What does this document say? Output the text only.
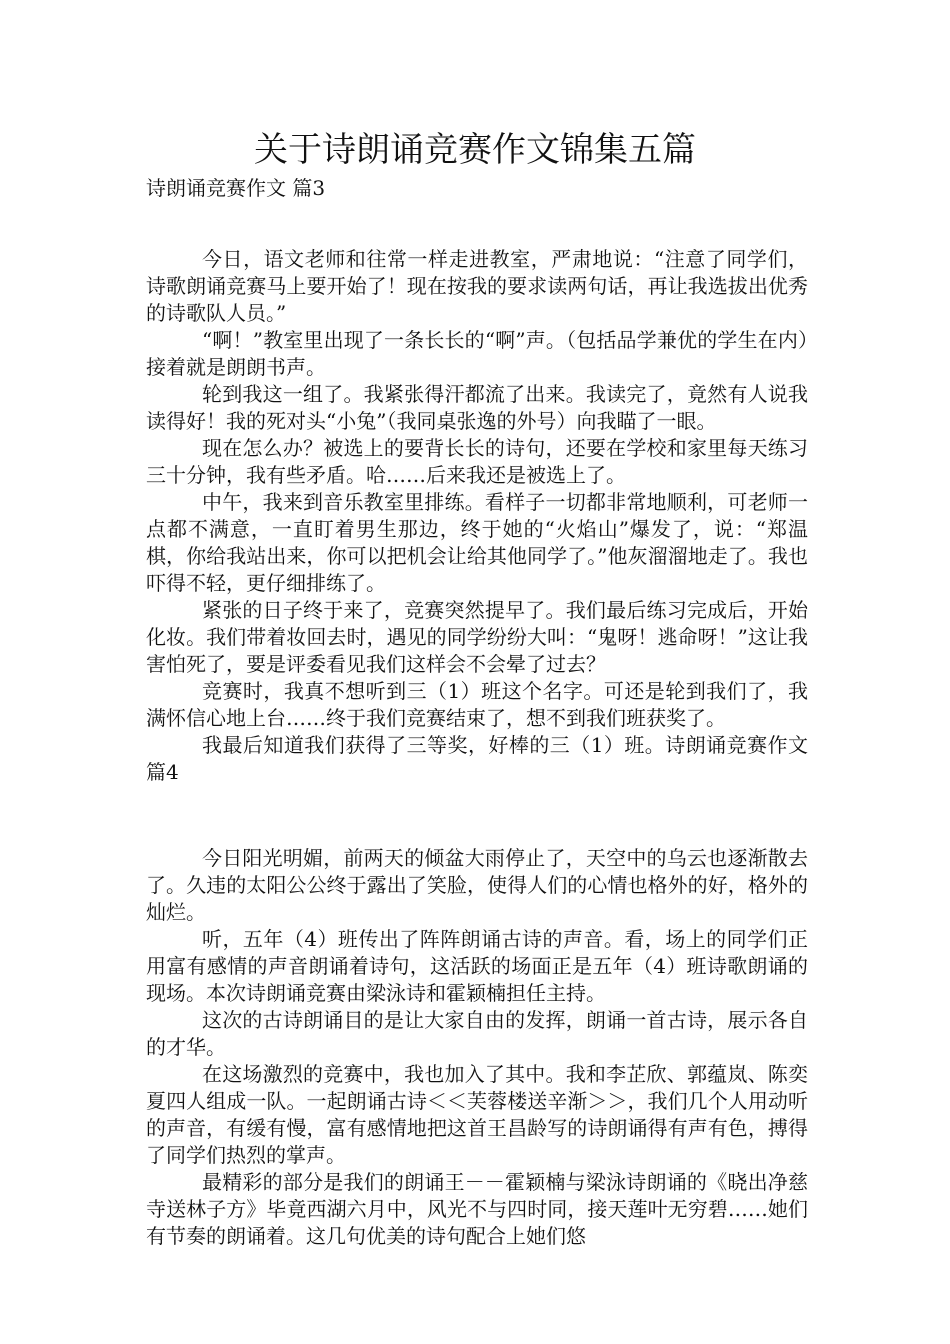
关于诗朗诵竞赛作文锦集五篇
诗朗诵竞赛作文 篇3

今日，语文老师和往常一样走进教室，严肃地说：“注意了同学们，诗歌朗诵竞赛马上要开始了！现在按我的要求读两句话，再让我选拔出优秀的诗歌队人员。”

“啊！”教室里出现了一条长长的“啊”声。（包括品学兼优的学生在内）接着就是朗朗书声。

轮到我这一组了。我紧张得汗都流了出来。我读完了，竟然有人说我读得好！我的死对头“小兔”（我同桌张逸的外号）向我瞄了一眼。

现在怎么办？被选上的要背长长的诗句，还要在学校和家里每天练习三十分钟，我有些矛盾。哈……后来我还是被选上了。

中午，我来到音乐教室里排练。看样子一切都非常地顺利，可老师一点都不满意，一直盯着男生那边，终于她的“火焰山”爆发了，说：“郑温棋，你给我站出来，你可以把机会让给其他同学了。”他灰溜溜地走了。我也吓得不轻，更仔细排练了。

紧张的日子终于来了，竞赛突然提早了。我们最后练习完成后，开始化妆。我们带着妆回去时，遇见的同学纷纷大叫：“鬼呀！逃命呀！”这让我害怕死了，要是评委看见我们这样会不会晕了过去？

竞赛时，我真不想听到三（1）班这个名字。可还是轮到我们了，我满怀信心地上台……终于我们竞赛结束了，想不到我们班获奖了。

我最后知道我们获得了三等奖，好棒的三（1）班。诗朗诵竞赛作文 篇4

今日阳光明媚，前两天的倾盆大雨停止了，天空中的乌云也逐渐散去了。久违的太阳公公终于露出了笑脸，使得人们的心情也格外的好，格外的灿烂。

听，五年（4）班传出了阵阵朗诵古诗的声音。看，场上的同学们正用富有感情的声音朗诵着诗句，这活跃的场面正是五年（4）班诗歌朗诵的现场。本次诗朗诵竞赛由梁泳诗和霍颖楠担任主持。

这次的古诗朗诵目的是让大家自由的发挥，朗诵一首古诗，展示各自的才华。

在这场激烈的竞赛中，我也加入了其中。我和李芷欣、郭蕴岚、陈奕夏四人组成一队。一起朗诵古诗＜＜芙蓉楼送辛渐＞＞，我们几个人用动听的声音，有缓有慢，富有感情地把这首王昌龄写的诗朗诵得有声有色，搏得了同学们热烈的掌声。

最精彩的部分是我们的朗诵王－－霍颖楠与梁泳诗朗诵的《晓出净慈寺送林子方》毕竟西湖六月中，风光不与四时同，接天莲叶无穷碧……她们有节奏的朗诵着。这几句优美的诗句配合上她们悠
